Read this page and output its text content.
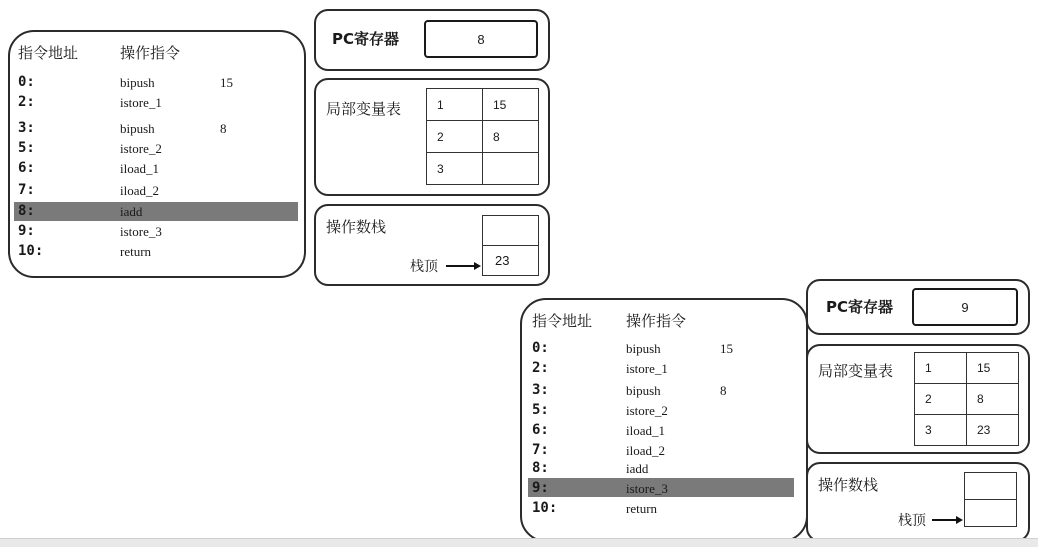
指令地址	操作指令
0:	bipush	15
2:	istore_1
3:	bipush	8
5:	istore_2
6:	iload_1
7:	iload_2
8:	iadd
9:	istore_3
10:	return
PC寄存器	8
局部变量表	1	15
2	8
3	
操作数栈

23
栈顶
指令地址 操作指令
0:	bipush	15
2:	istore_1
3:	bipush	8
5:	istore_2
6:	iload_1
7:	iload_2
8:	iadd
9:	istore_3
10:	return
PC寄存器	9
局部变量表	1	15
2	8
3	23
操作数栈

栈顶
